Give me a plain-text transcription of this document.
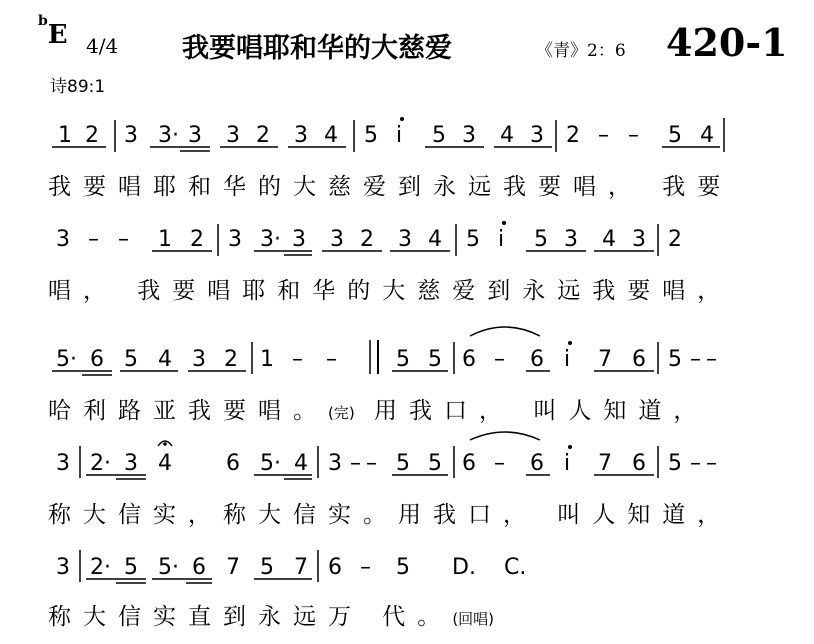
$^b$E 4/4 我要唱耶和华的大慈爱	《青》2：6 420-1
诗89:1
1 2 3 3· 3 3 2 3 4 5 i 5 3 4 3 2 – – 5 4
3 – – 1 2 3 3· 3 3 2 3 4 5 i 5 3 4 3 2
5· 6 5 4 3 2 1 – –	5 5 6 – 6 i 7 6 5 – –
3 2· 3 4 6 5· 4 3 – – 5 5 6 – 6 i 7 6 5 – –
3 2· 5 5· 6 7 5 7 6 – 5 D. C.
我要唱耶和华的大慈爱到永远我要唱， 我要
唱， 我要唱耶和华的大慈爱到永远我要唱，
哈利路亚我要唱。(完) 用我口， 叫人知道，
称大信实，称大信实。用我口， 叫人知道，
称大信实直到永远万 代。(回唱)
